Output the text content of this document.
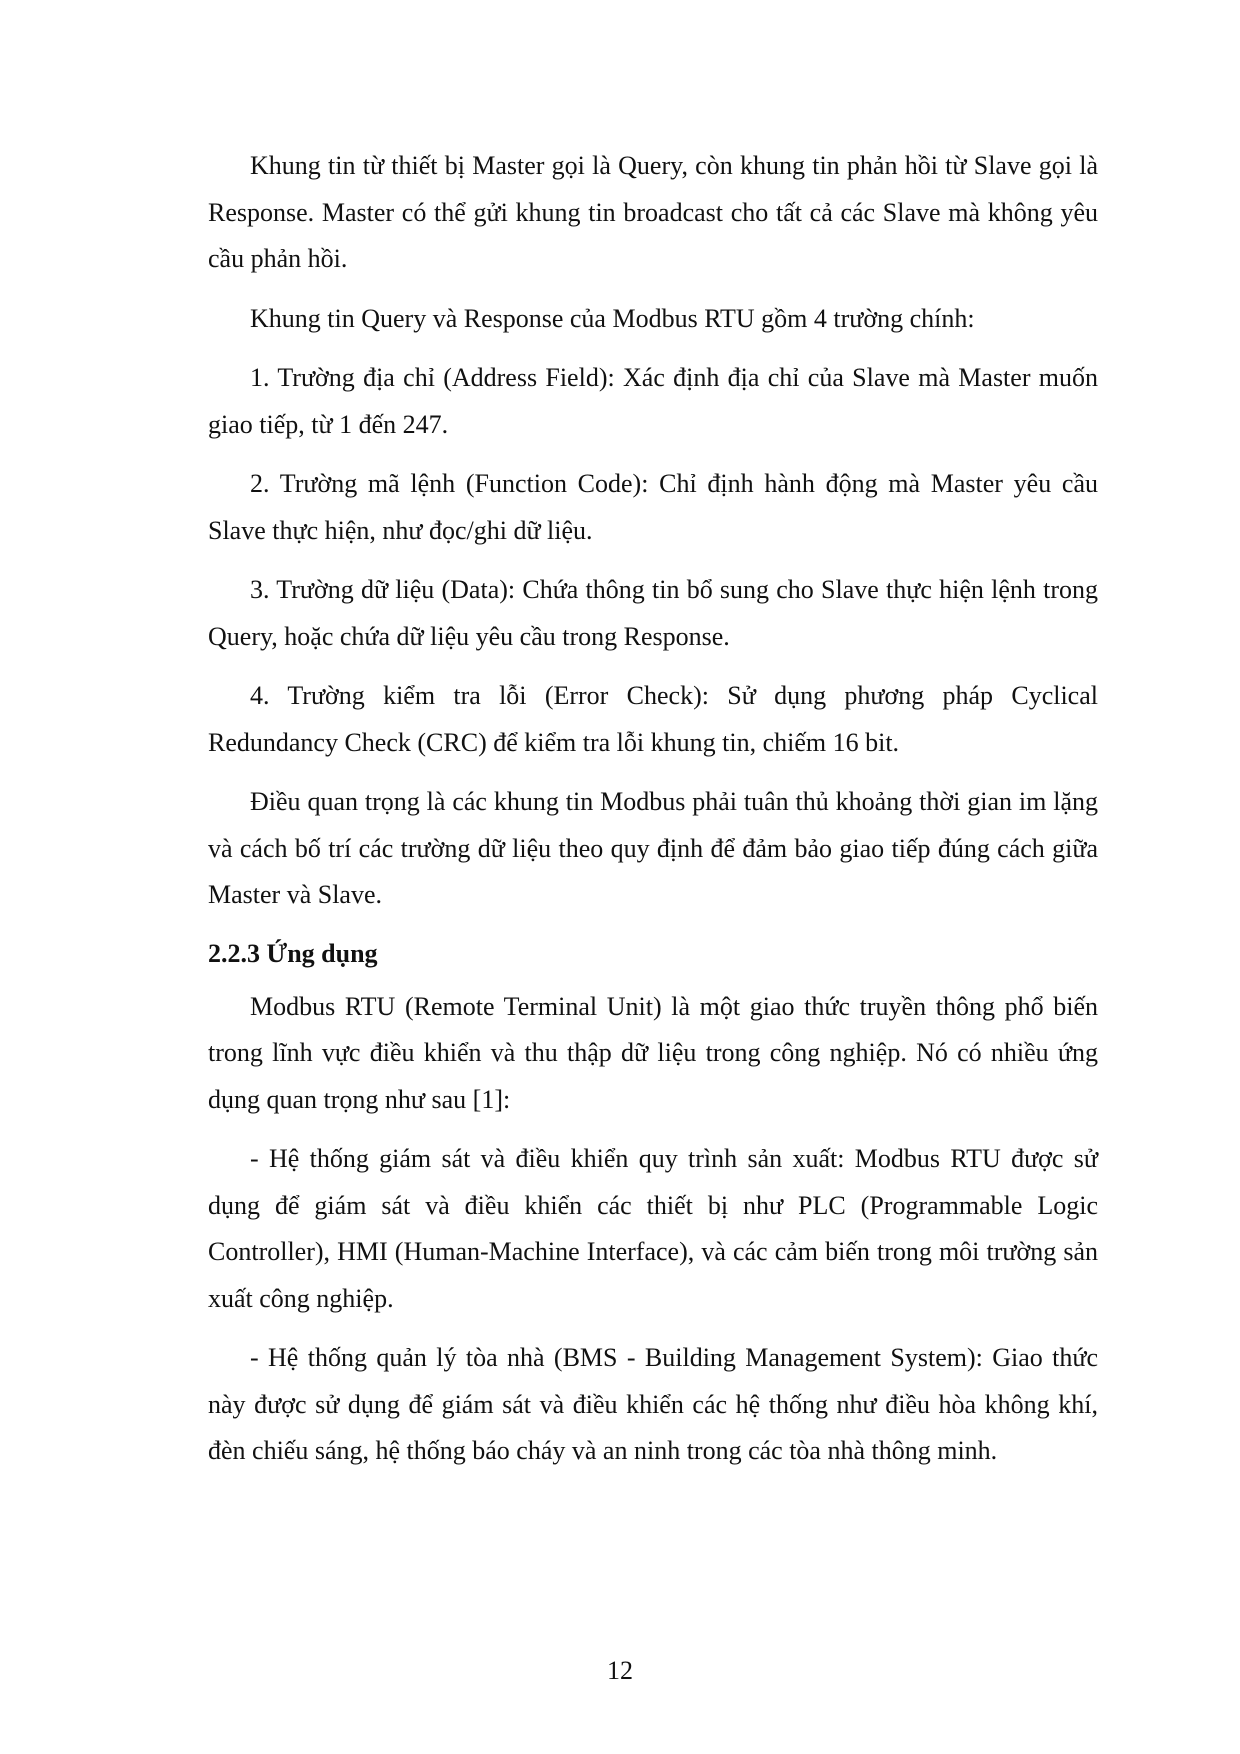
Khung tin từ thiết bị Master gọi là Query, còn khung tin phản hồi từ Slave gọi là Response. Master có thể gửi khung tin broadcast cho tất cả các Slave mà không yêu cầu phản hồi.

Khung tin Query và Response của Modbus RTU gồm 4 trường chính:

1. Trường địa chỉ (Address Field): Xác định địa chỉ của Slave mà Master muốn giao tiếp, từ 1 đến 247.

2. Trường mã lệnh (Function Code): Chỉ định hành động mà Master yêu cầu Slave thực hiện, như đọc/ghi dữ liệu.

3. Trường dữ liệu (Data): Chứa thông tin bổ sung cho Slave thực hiện lệnh trong Query, hoặc chứa dữ liệu yêu cầu trong Response.

4. Trường kiểm tra lỗi (Error Check): Sử dụng phương pháp Cyclical Redundancy Check (CRC) để kiểm tra lỗi khung tin, chiếm 16 bit.

Điều quan trọng là các khung tin Modbus phải tuân thủ khoảng thời gian im lặng và cách bố trí các trường dữ liệu theo quy định để đảm bảo giao tiếp đúng cách giữa Master và Slave.

2.2.3 Ứng dụng

Modbus RTU (Remote Terminal Unit) là một giao thức truyền thông phổ biến trong lĩnh vực điều khiển và thu thập dữ liệu trong công nghiệp. Nó có nhiều ứng dụng quan trọng như sau [1]:

- Hệ thống giám sát và điều khiển quy trình sản xuất: Modbus RTU được sử dụng để giám sát và điều khiển các thiết bị như PLC (Programmable Logic Controller), HMI (Human-Machine Interface), và các cảm biến trong môi trường sản xuất công nghiệp.

- Hệ thống quản lý tòa nhà (BMS - Building Management System): Giao thức này được sử dụng để giám sát và điều khiển các hệ thống như điều hòa không khí, đèn chiếu sáng, hệ thống báo cháy và an ninh trong các tòa nhà thông minh.

12
